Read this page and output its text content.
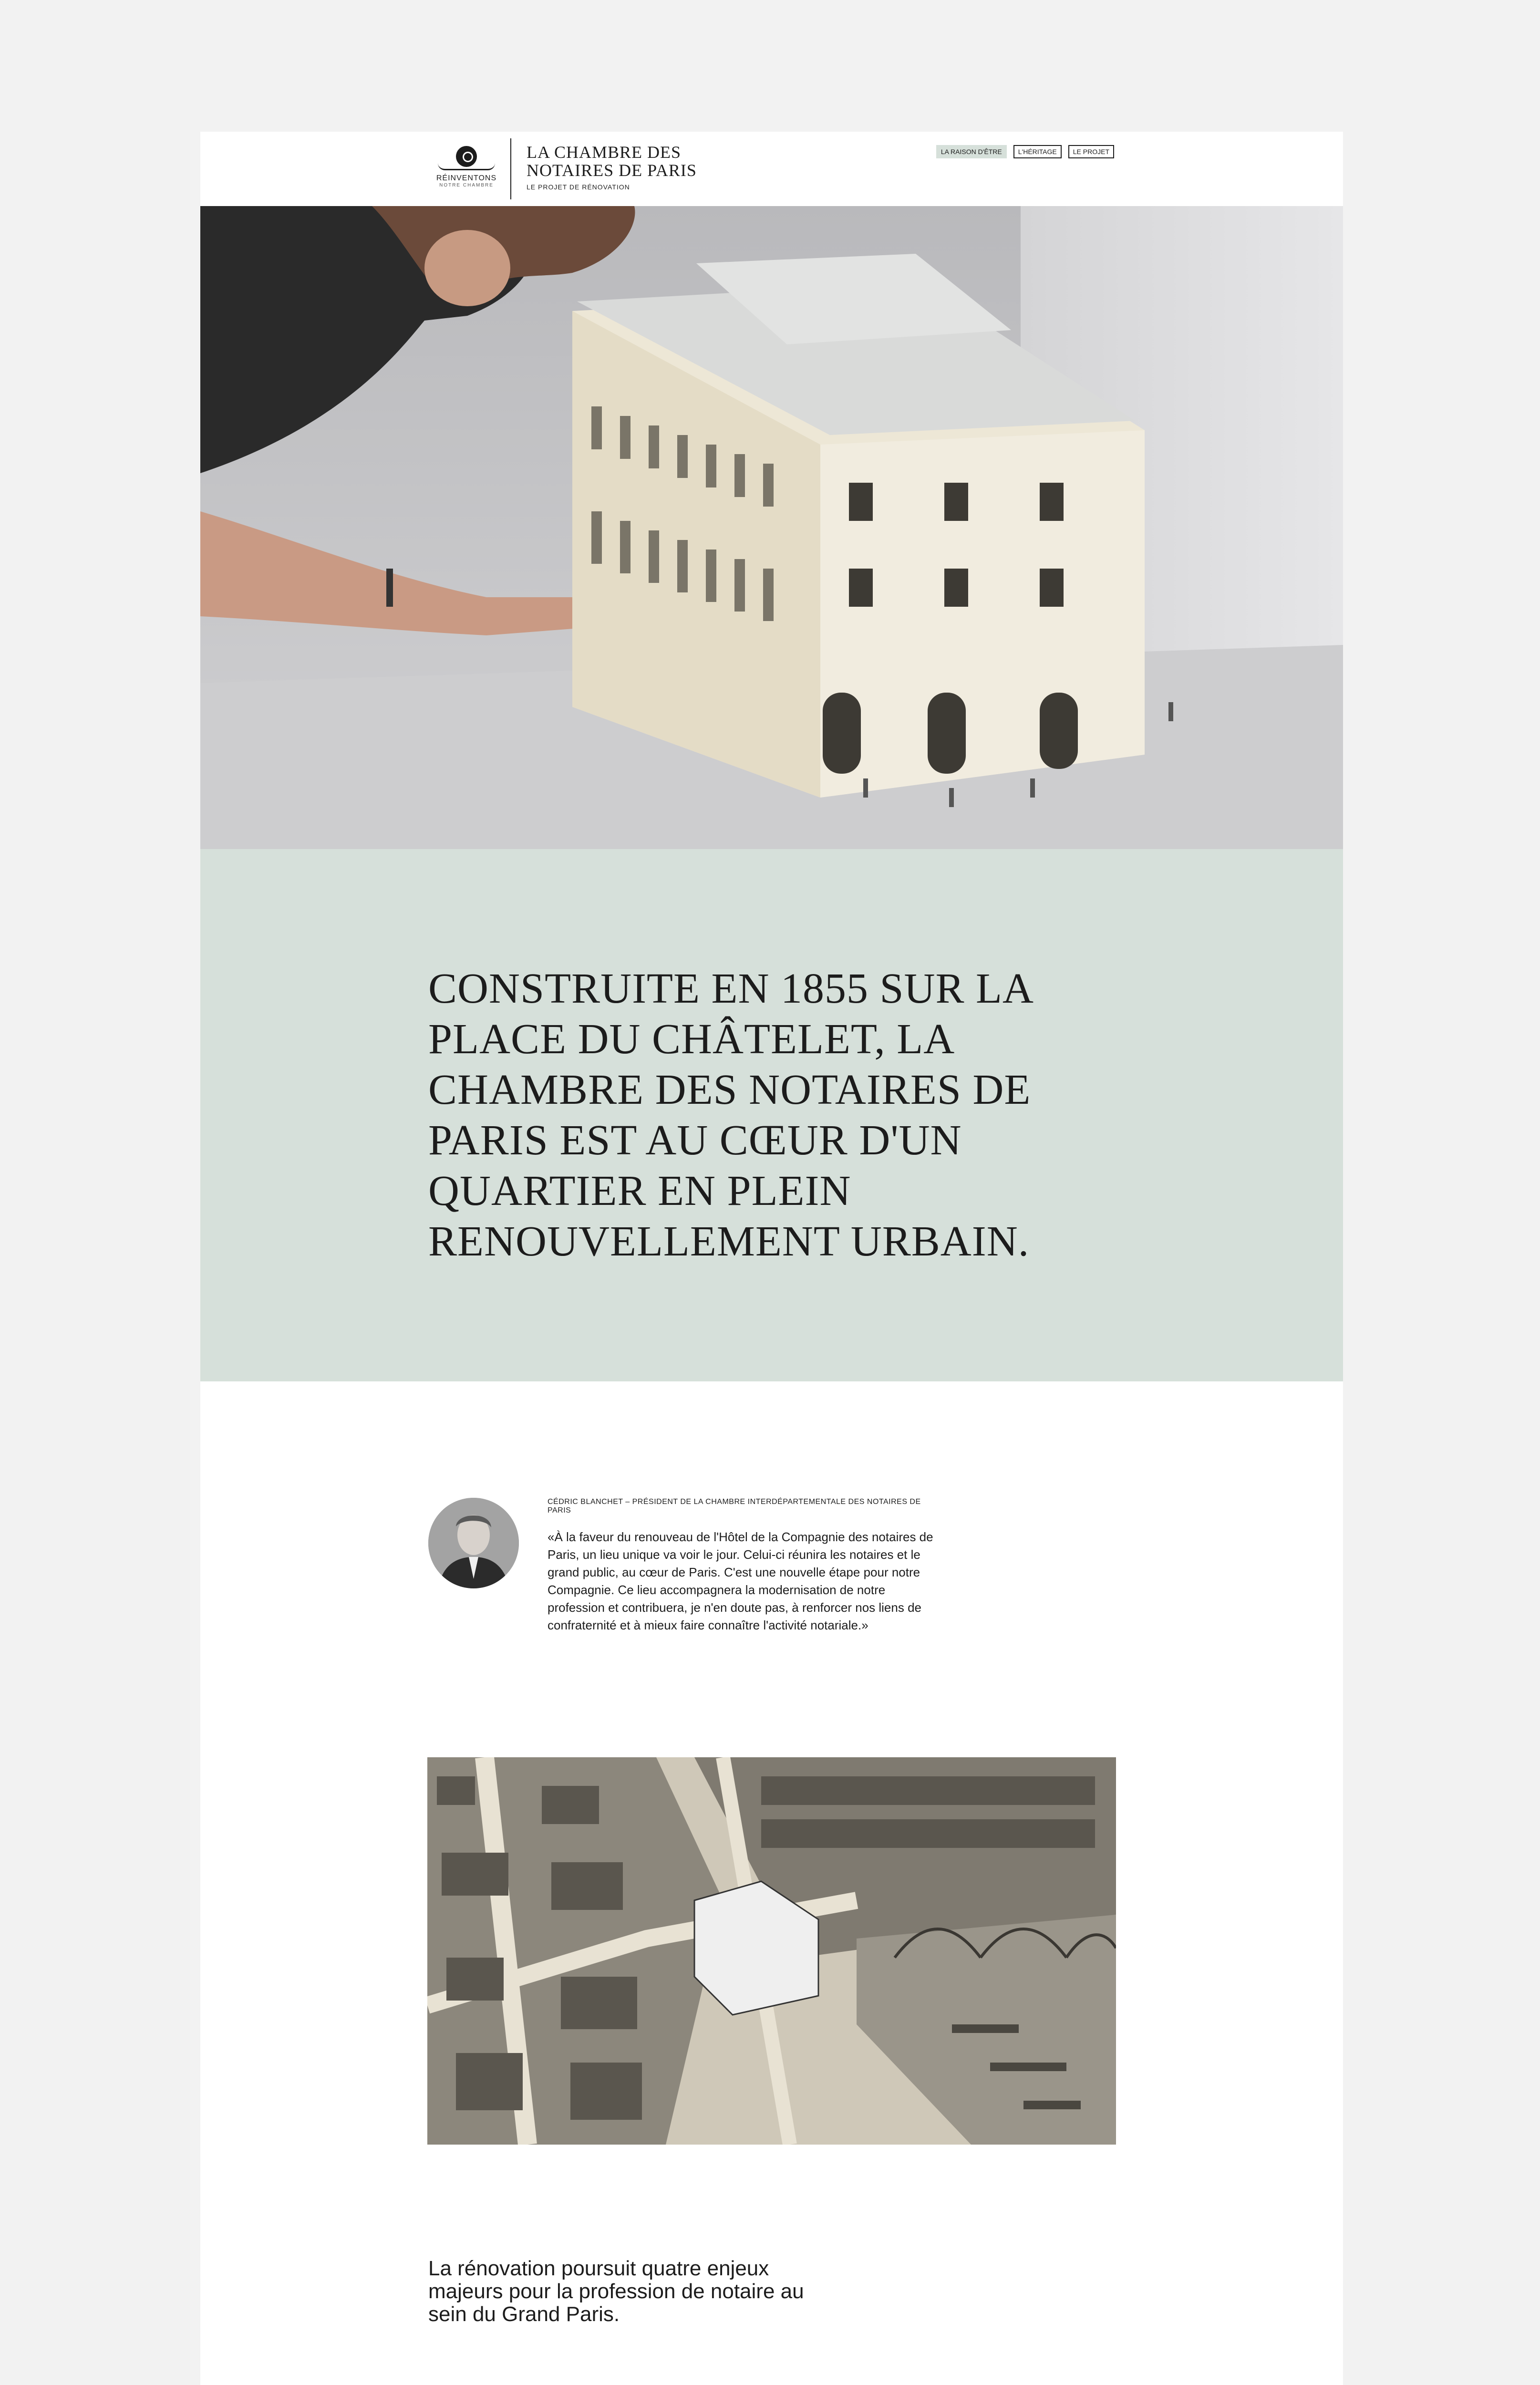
RÉINVENTONS
NOTRE CHAMBRE
LA CHAMBRE DES
NOTAIRES DE PARIS
LE PROJET DE RÉNOVATION
LA RAISON D'ÊTRE	L'HÉRITAGE	LE PROJET
CONSTRUITE EN 1855 SUR LA PLACE DU CHÂTELET, LA CHAMBRE DES NOTAIRES DE PARIS EST AU CŒUR D'UN QUARTIER EN PLEIN RENOUVELLEMENT URBAIN.
CÉDRIC BLANCHET – PRÉSIDENT DE LA CHAMBRE INTERDÉPARTEMENTALE DES NOTAIRES DE PARIS

«À la faveur du renouveau de l'Hôtel de la Compagnie des notaires de Paris, un lieu unique va voir le jour. Celui-ci réunira les notaires et le grand public, au cœur de Paris. C'est une nouvelle étape pour notre Compagnie. Ce lieu accompagnera la modernisation de notre profession et contribuera, je n'en doute pas, à renforcer nos liens de confraternité et à mieux faire connaître l'activité notariale.»

La rénovation poursuit quatre enjeux majeurs pour la profession de notaire au sein du Grand Paris.
